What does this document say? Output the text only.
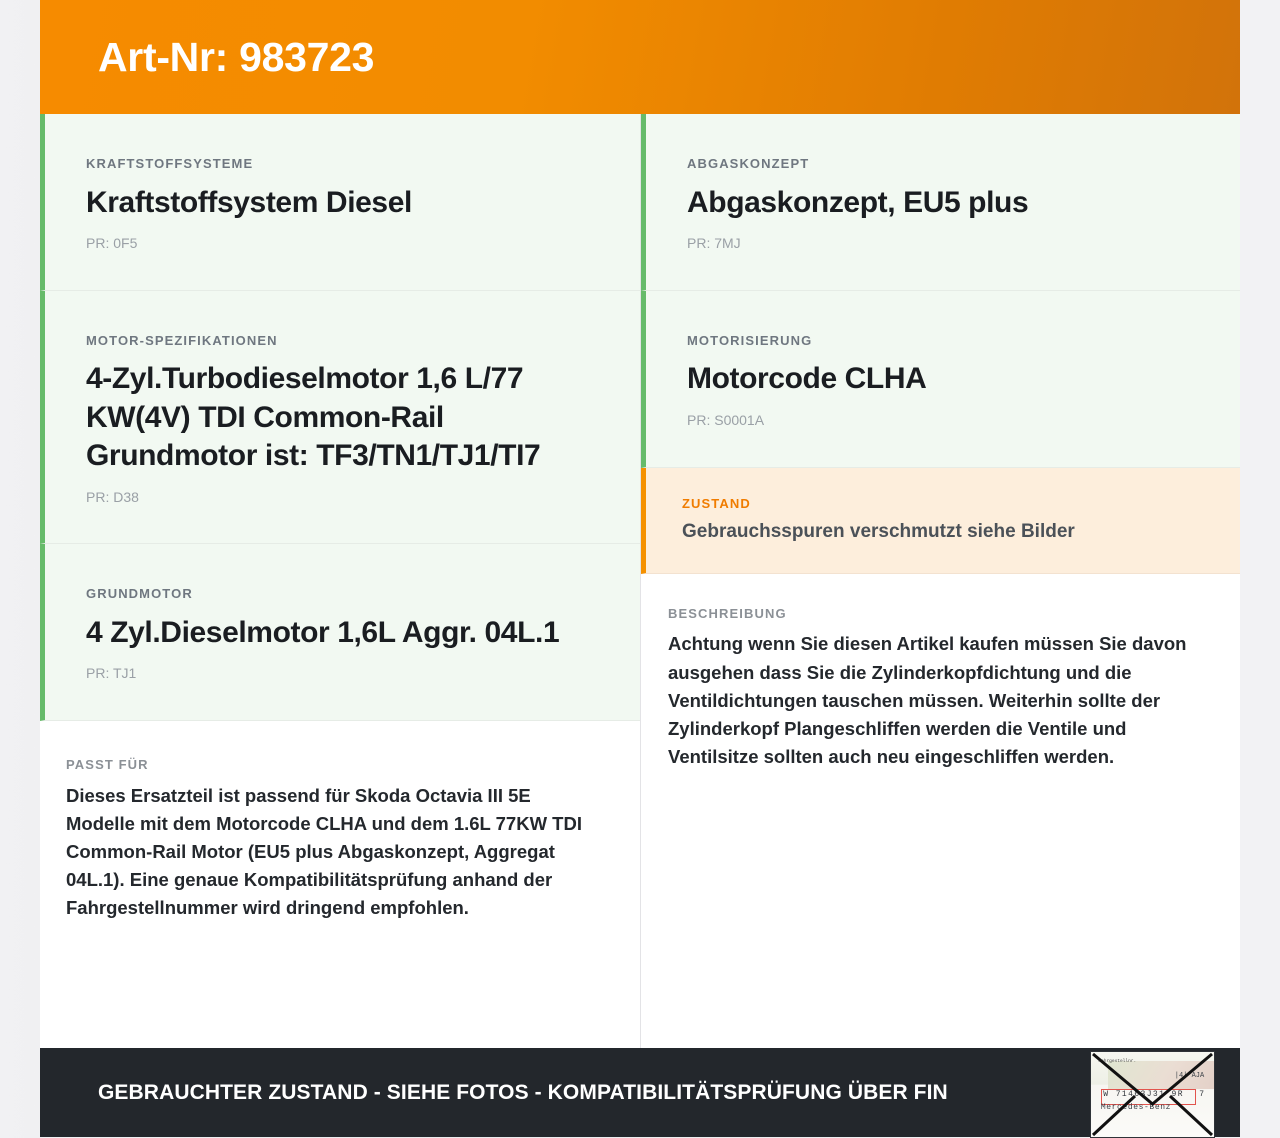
Art-Nr: 983723
KRAFTSTOFFSYSTEME
Kraftstoffsystem Diesel
PR: 0F5
MOTOR-SPEZIFIKATIONEN
4-Zyl.Turbodieselmotor 1,6 L/77 KW(4V) TDI Common-Rail Grundmotor ist: TF3/TN1/TJ1/TI7
PR: D38
GRUNDMOTOR
4 Zyl.Dieselmotor 1,6L Aggr. 04L.1
PR: TJ1
PASST FÜR
Dieses Ersatzteil ist passend für Skoda Octavia III 5E Modelle mit dem Motorcode CLHA und dem 1.6L 77KW TDI Common-Rail Motor (EU5 plus Abgaskonzept, Aggregat 04L.1). Eine genaue Kompatibilitätsprüfung anhand der Fahrgestellnummer wird dringend empfohlen.
ABGASKONZEPT
Abgaskonzept, EU5 plus
PR: 7MJ
MOTORISIERUNG
Motorcode CLHA
PR: S0001A
ZUSTAND
Gebrauchsspuren verschmutzt siehe Bilder
BESCHREIBUNG
Achtung wenn Sie diesen Artikel kaufen müssen Sie davon ausgehen dass Sie die Zylinderkopfdichtung und die Ventildichtungen tauschen müssen. Weiterhin sollte der Zylinderkopf Plangeschliffen werden die Ventile und Ventilsitze sollten auch neu eingeschliffen werden.
GEBRAUCHTER ZUSTAND - SIEHE FOTOS - KOMPATIBILITÄTSPRÜFUNG ÜBER FIN
Fahrgestellnr.
|4| AJA
W 71463J31 9R 7
Mercedes-Benz
